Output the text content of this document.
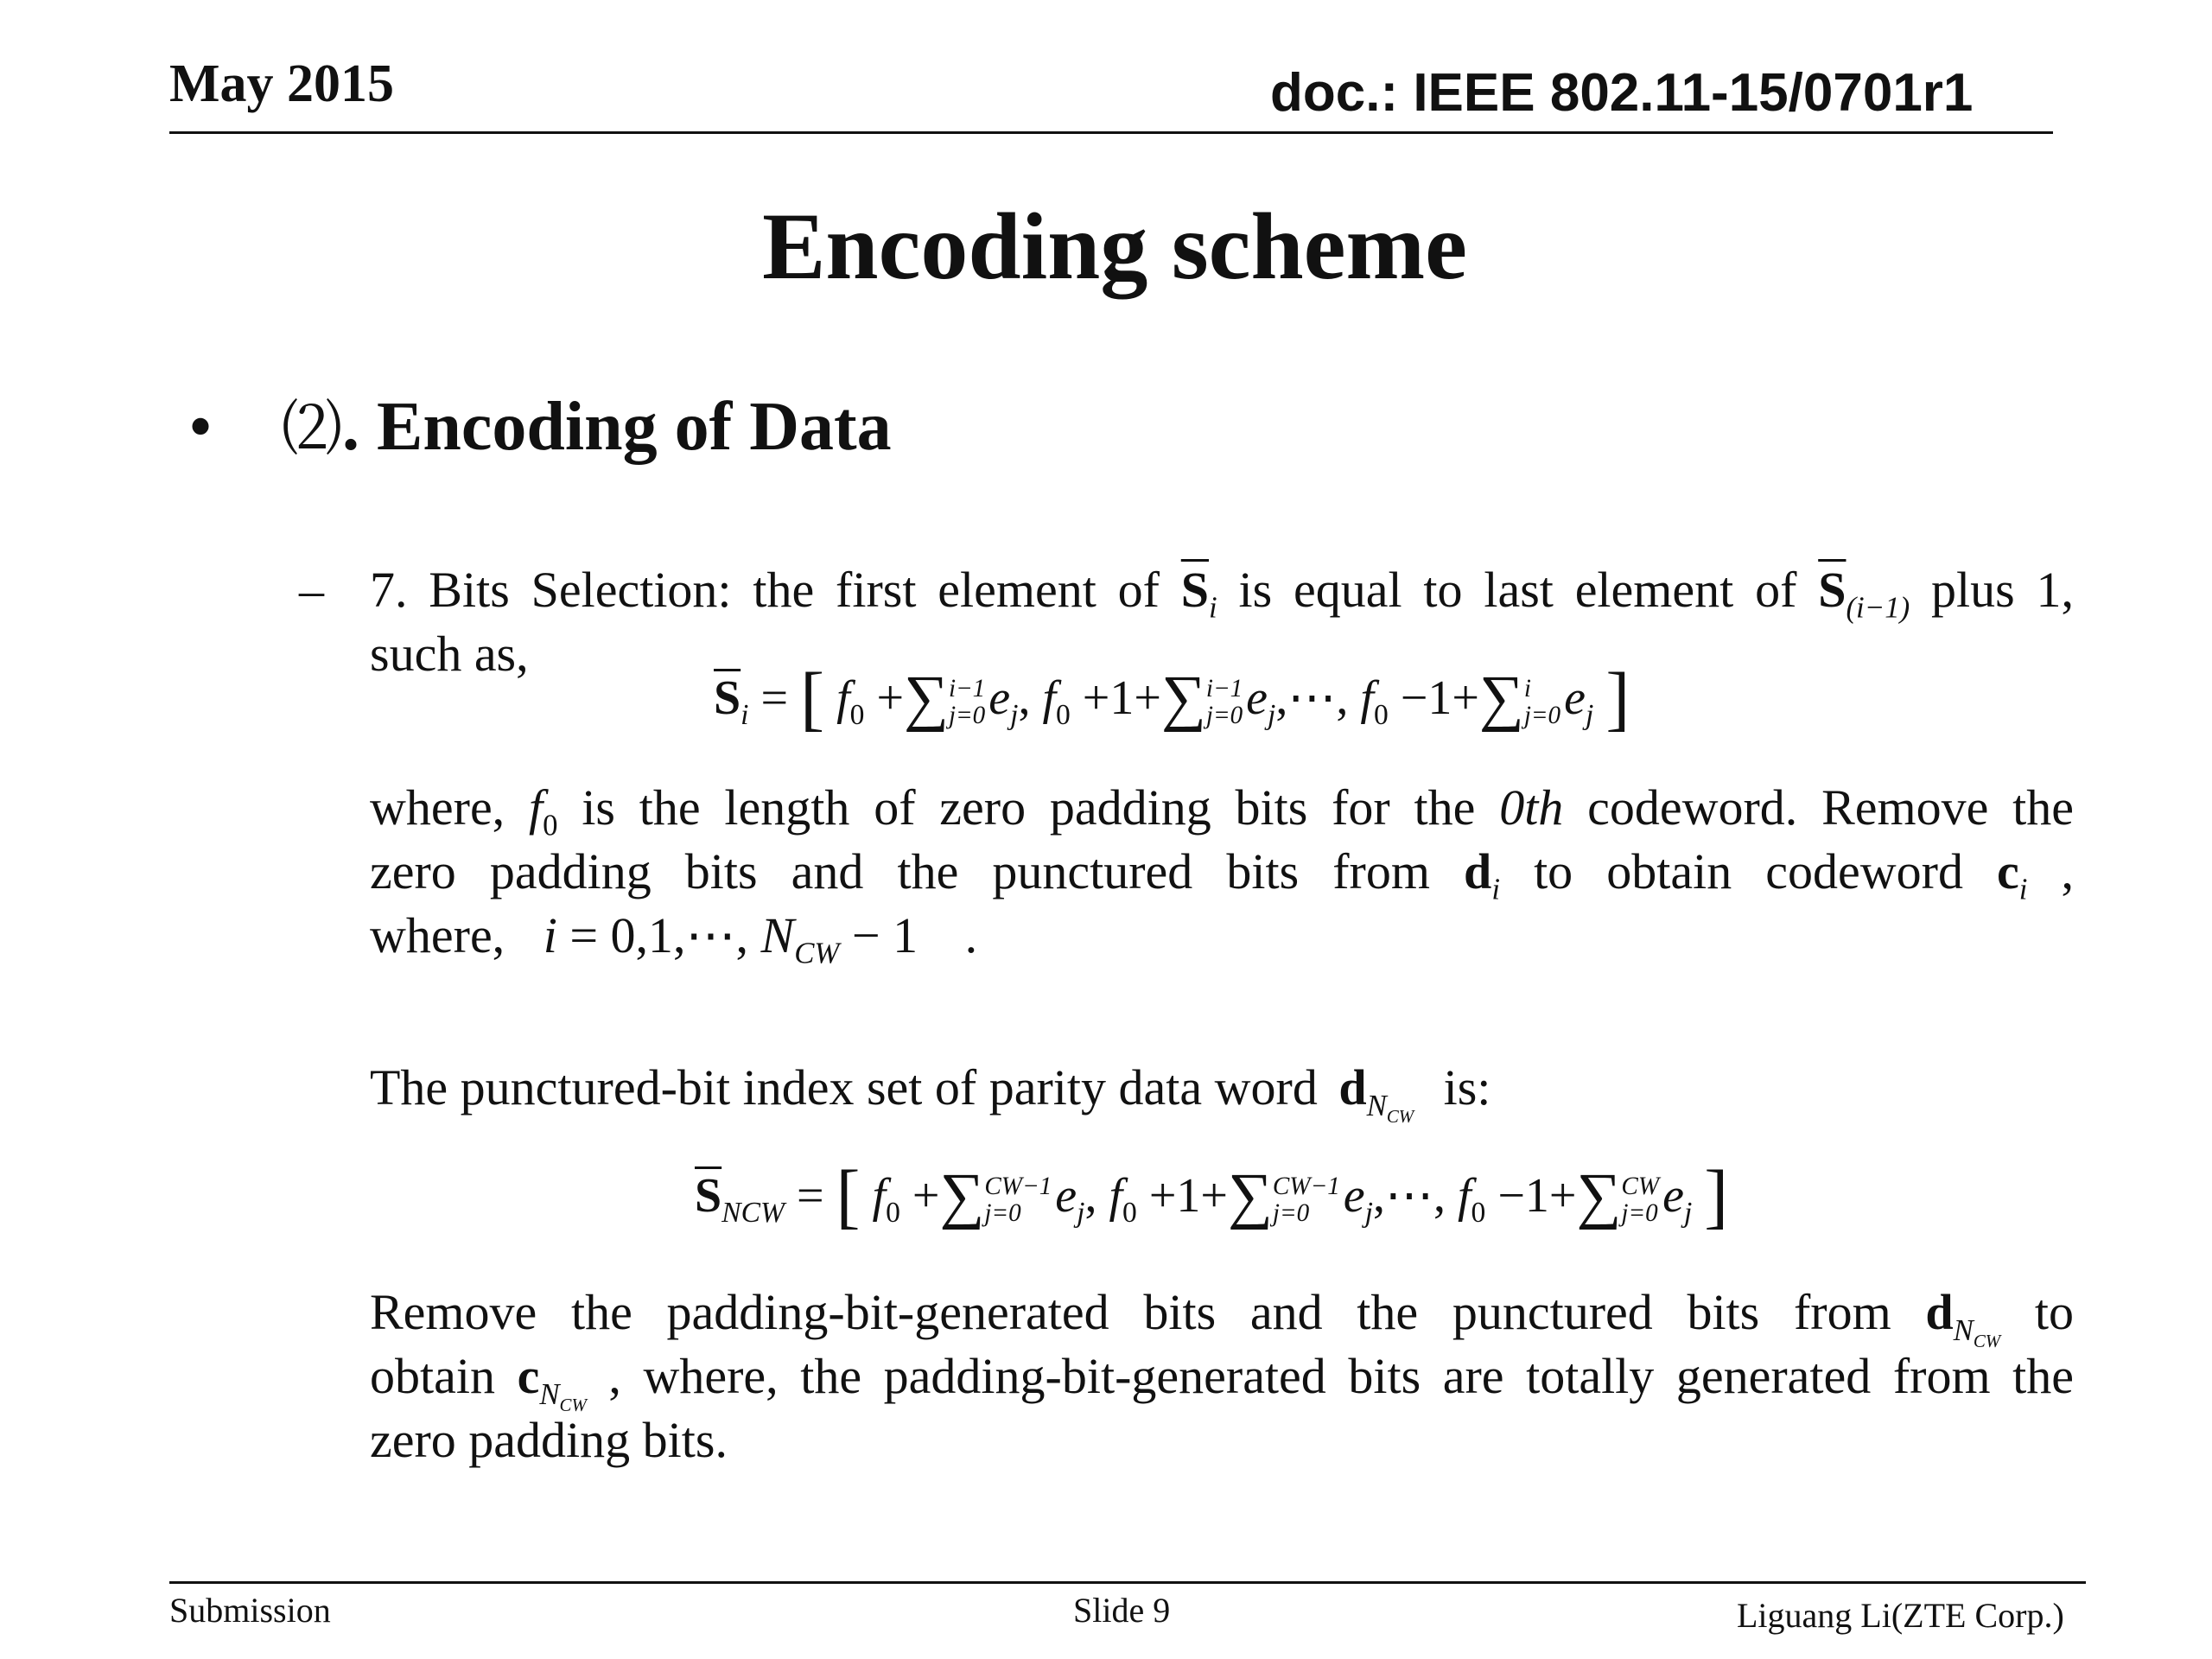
May 2015	doc.: IEEE 802.11-15/0701r1
Encoding scheme
• ⑵. Encoding of Data
– 7. Bits Selection: the first element of $\overline{S}_i$ is equal to last element of $\overline{S}_{(i-1)}$ plus 1,
such as,
$\overline{S}_i$ = [ $f_0$ +∑ i−1
j=0 $e_j$, $f_0 +1+\sum$ i−1
j=0 $e_j,\cdots$, $f_0 -1+\sum$ i
j=0 $e_j$ ]
where, $f_0$ is the length of zero padding bits for the 0th codeword. Remove the
zero padding bits and the punctured bits from $d_i$ to obtain codeword $c_i$ ,
where, i = 0,1,⋯, $N_{CW} - 1$ .
The punctured-bit index set of parity data word $d_{N_{CW}}$ is:
$\overline{S}_{NCW}$ = [ $f_0$ +∑ CW−1
j=0 $e_j$, $f_0 +1+\sum$ CW−1
j=0 $e_j,\cdots$, $f_0 -1+\sum$ CW
j=0 $e_j$ ]
Remove the padding-bit-generated bits and the punctured bits from $d_{N_{CW}}$ to
obtain $c_{N_{CW}}$ , where, the padding-bit-generated bits are totally generated from the
zero padding bits.
Submission	Slide 9	Liguang Li(ZTE Corp.)
